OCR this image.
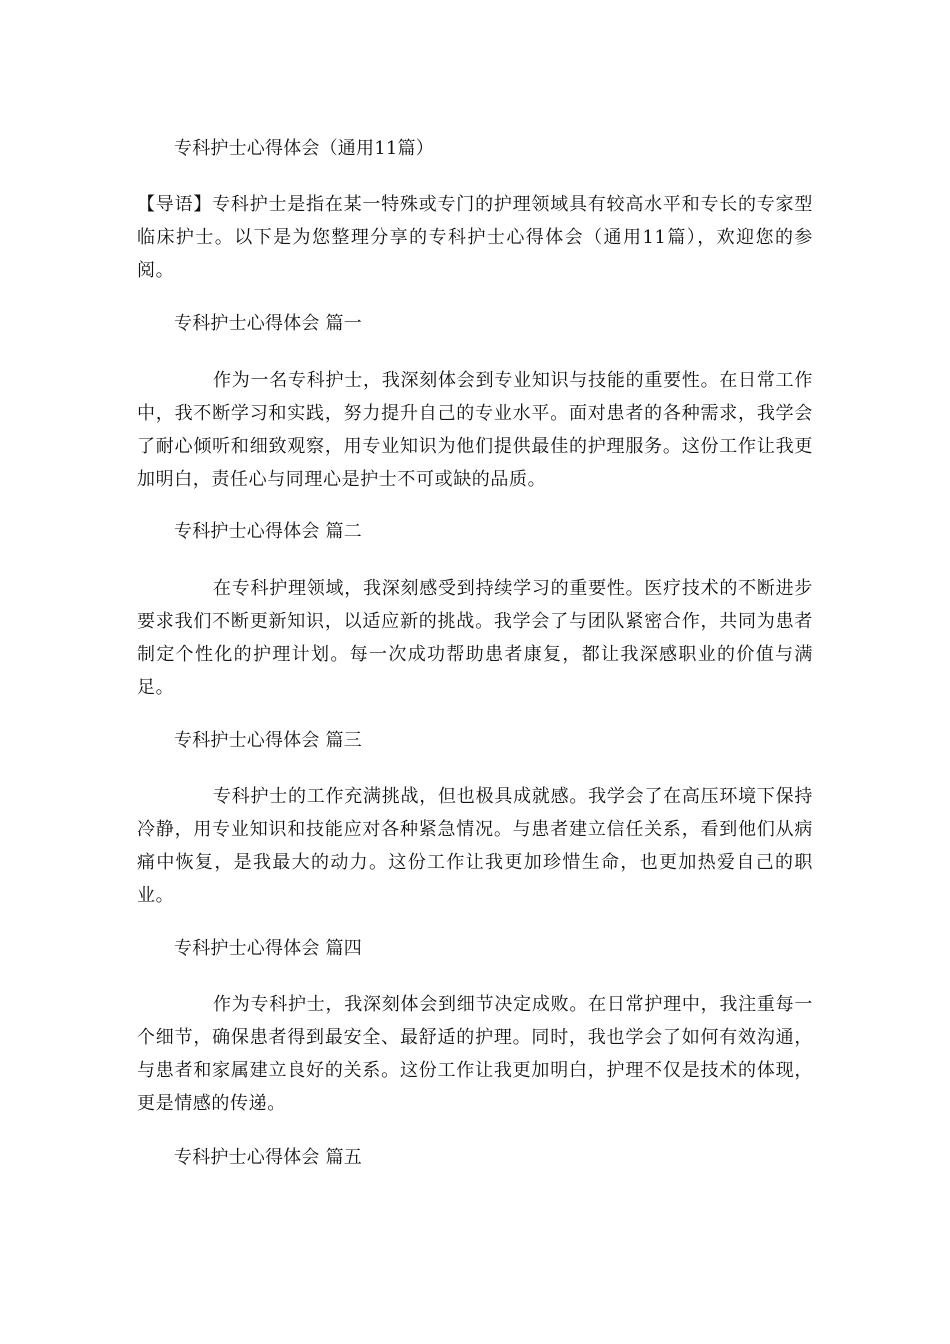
专科护士心得体会（通用11篇）
【导语】专科护士是指在某一特殊或专门的护理领域具有较高水平和专长的专家型临床护士。以下是为您整理分享的专科护士心得体会（通用11篇），欢迎您的参阅。
专科护士心得体会 篇一
作为一名专科护士，我深刻体会到专业知识与技能的重要性。在日常工作中，我不断学习和实践，努力提升自己的专业水平。面对患者的各种需求，我学会了耐心倾听和细致观察，用专业知识为他们提供最佳的护理服务。这份工作让我更加明白，责任心与同理心是护士不可或缺的品质。
专科护士心得体会 篇二
在专科护理领域，我深刻感受到持续学习的重要性。医疗技术的不断进步要求我们不断更新知识，以适应新的挑战。我学会了与团队紧密合作，共同为患者制定个性化的护理计划。每一次成功帮助患者康复，都让我深感职业的价值与满足。
专科护士心得体会 篇三
专科护士的工作充满挑战，但也极具成就感。我学会了在高压环境下保持冷静，用专业知识和技能应对各种紧急情况。与患者建立信任关系，看到他们从病痛中恢复，是我最大的动力。这份工作让我更加珍惜生命，也更加热爱自己的职业。
专科护士心得体会 篇四
作为专科护士，我深刻体会到细节决定成败。在日常护理中，我注重每一个细节，确保患者得到最安全、最舒适的护理。同时，我也学会了如何有效沟通，与患者和家属建立良好的关系。这份工作让我更加明白，护理不仅是技术的体现，更是情感的传递。
专科护士心得体会 篇五
